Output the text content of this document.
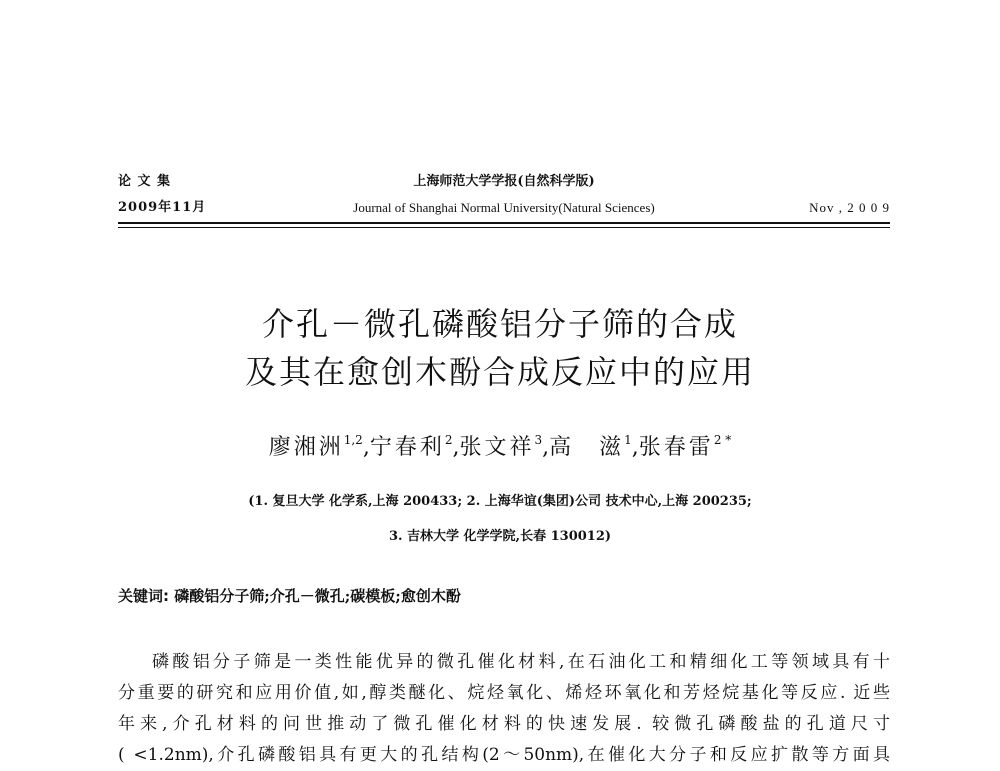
论 文 集	上海师范大学学报(自然科学版)
2009年11月	Journal of Shanghai Normal University(Natural Sciences)	Nov , 2 0 0 9
介孔－微孔磷酸铝分子筛的合成
及其在愈创木酚合成反应中的应用
廖湘洲$^{1,2}$,宁春利$^2$,张文祥$^3$,高　滋$^1$,张春雷$^{2 *}$
(1. 复旦大学 化学系,上海 200433; 2. 上海华谊(集团)公司 技术中心,上海 200235;
3. 吉林大学 化学学院,长春 130012)
关键词: 磷酸铝分子筛;介孔－微孔;碳模板;愈创木酚
磷酸铝分子筛是一类性能优异的微孔催化材料,在石油化工和精细化工等领域具有十
分重要的研究和应用价值,如,醇类醚化、烷烃氧化、烯烃环氧化和芳烃烷基化等反应. 近些
年来,介孔材料的问世推动了微孔催化材料的快速发展. 较微孔磷酸盐的孔道尺寸
( <1.2nm),介孔磷酸铝具有更大的孔结构(2～50nm),在催化大分子和反应扩散等方面具
